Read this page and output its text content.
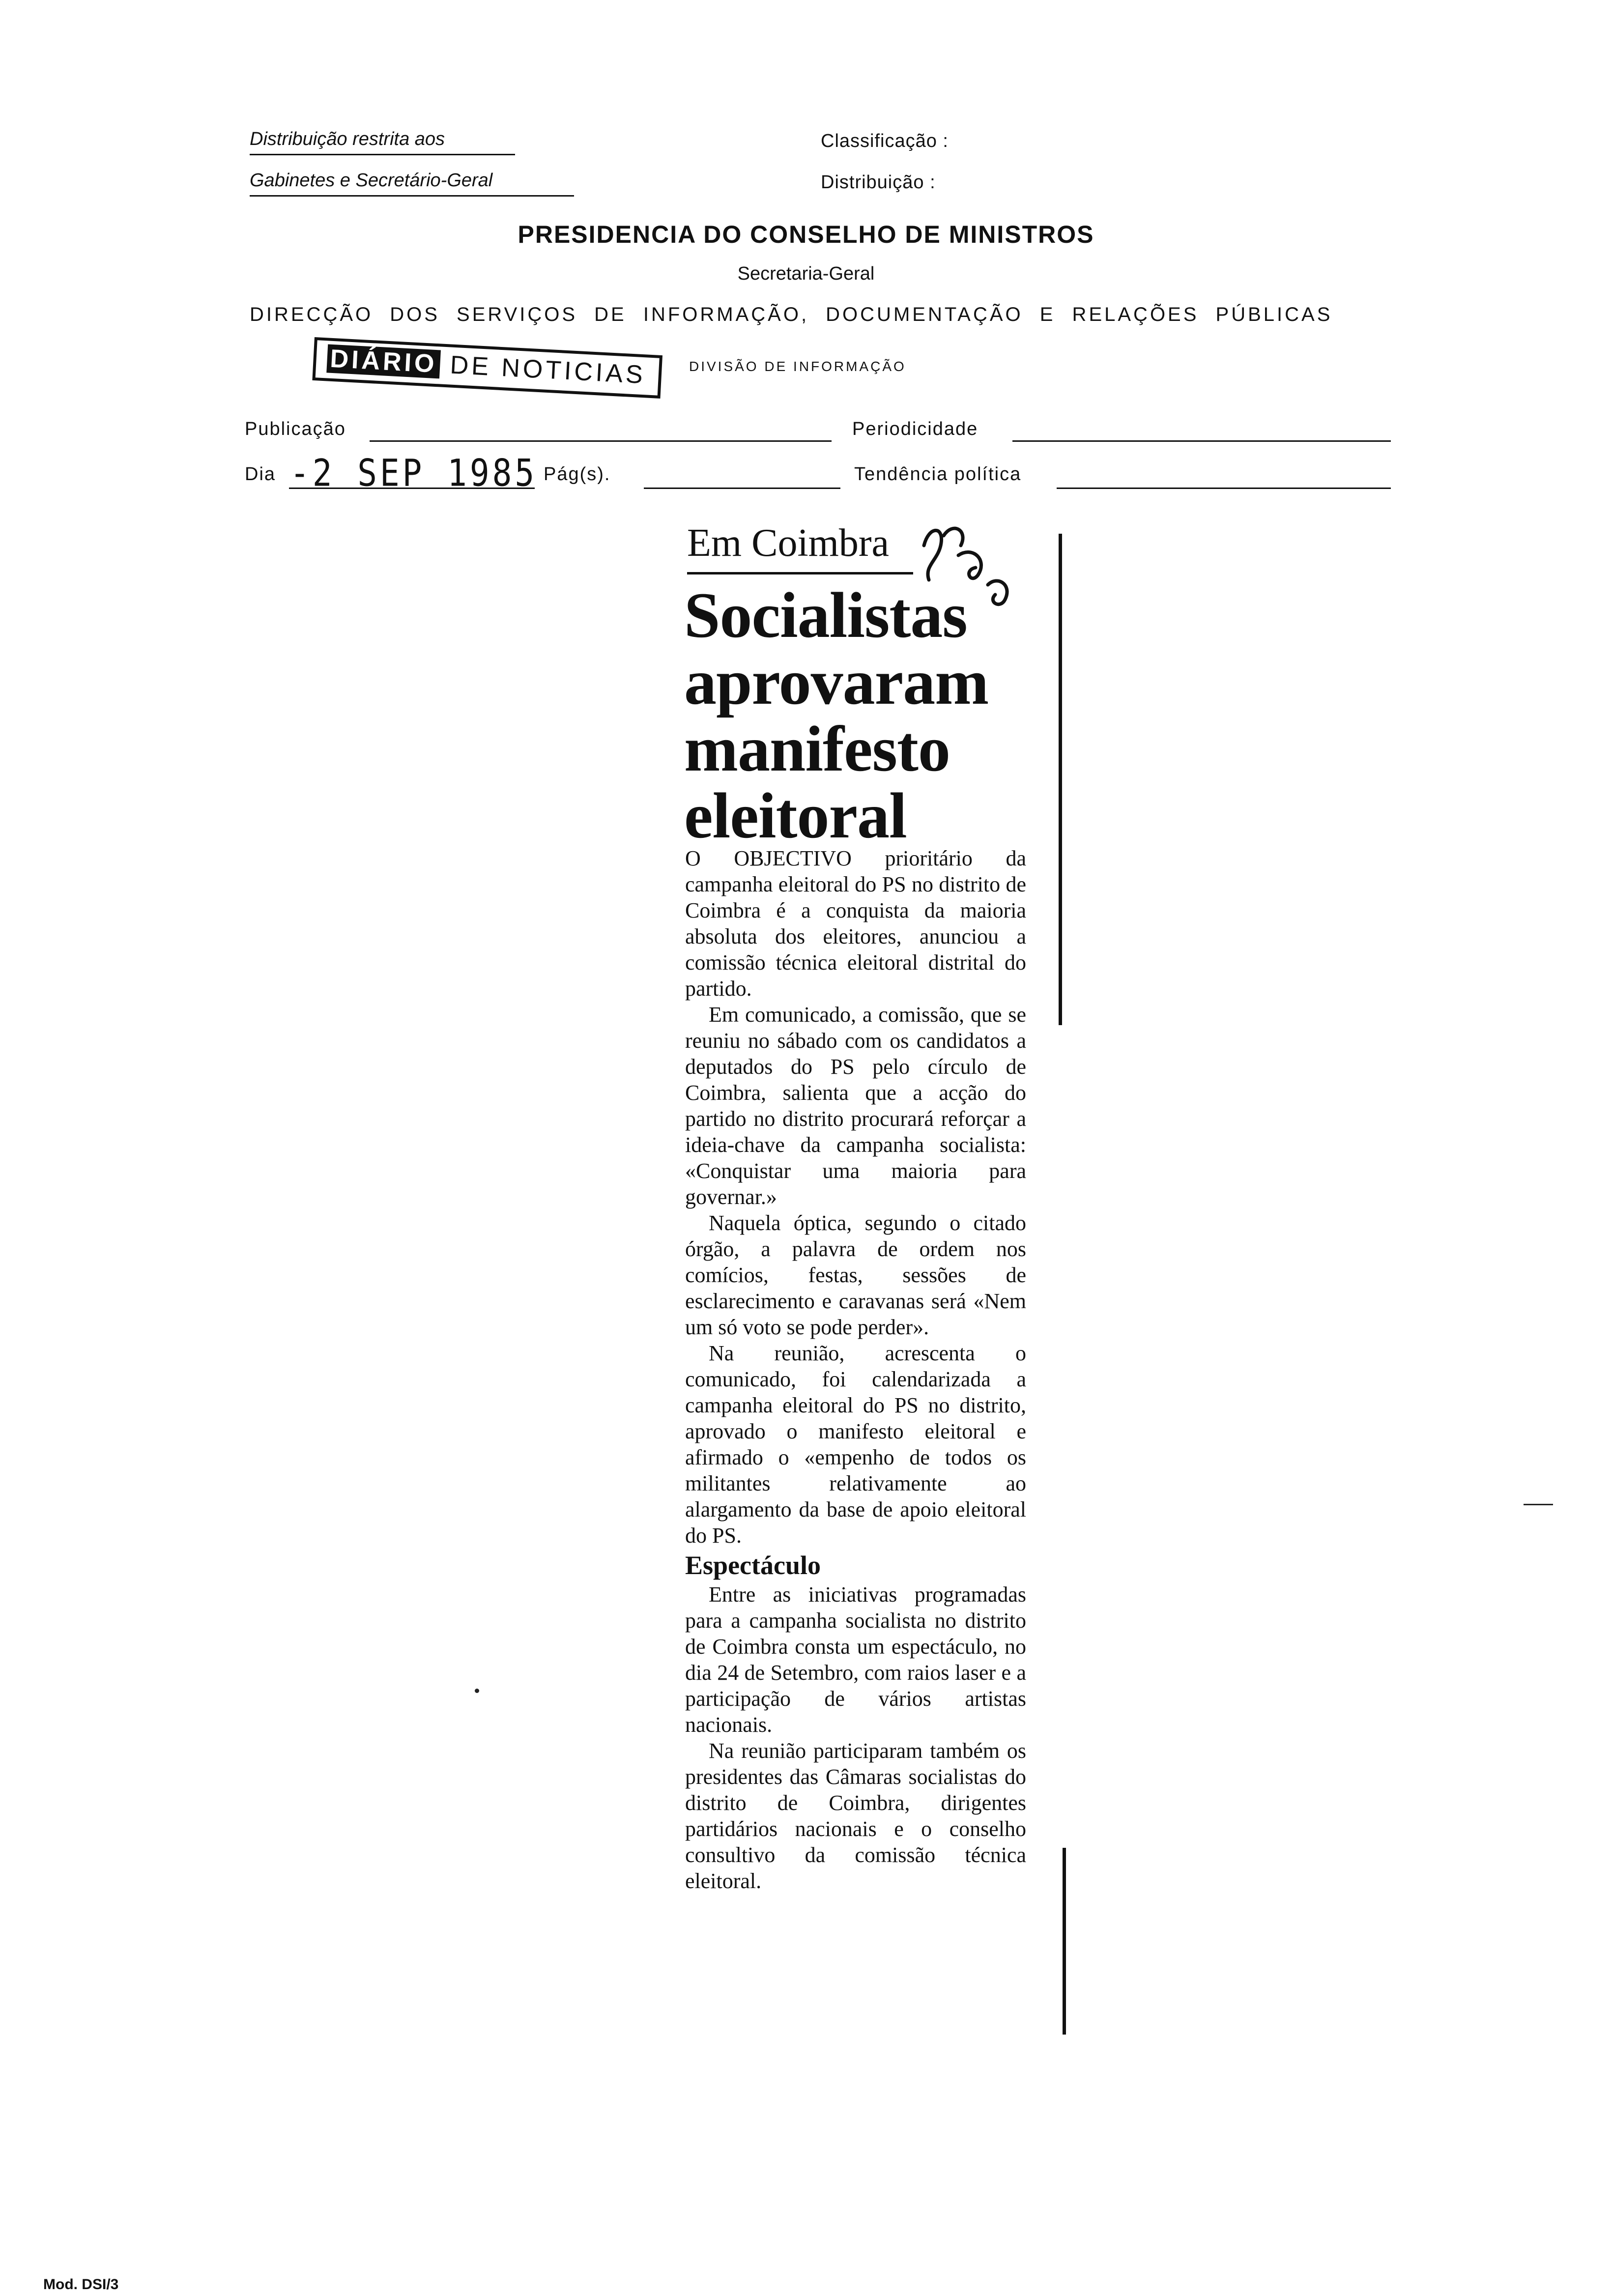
Distribuição restrita aos
Gabinetes e Secretário-Geral
Classificação :
Distribuição :
PRESIDENCIA DO CONSELHO DE MINISTROS
Secretaria-Geral
DIRECÇÃO DOS SERVIÇOS DE INFORMAÇÃO, DOCUMENTAÇÃO E RELAÇÕES PÚBLICAS
DIÁRIO DE NOTICIAS	DIVISÃO DE INFORMAÇÃO
Publicação	Periodicidade
Dia -2 SEP 1985 Pág(s).	Tendência política
Em Coimbra
Socialistas
aprovaram
manifesto
eleitoral

O OBJECTIVO prioritário da campanha eleitoral do PS no distrito de Coimbra é a conquista da maioria absoluta dos eleitores, anunciou a comissão técnica eleitoral distrital do partido.

Em comunicado, a comissão, que se reuniu no sábado com os candidatos a deputados do PS pelo círculo de Coimbra, salienta que a acção do partido no distrito procurará reforçar a ideia-chave da campanha socialista: «Conquistar uma maioria para governar.»

Naquela óptica, segundo o citado órgão, a palavra de ordem nos comícios, festas, sessões de esclarecimento e caravanas será «Nem um só voto se pode perder».

Na reunião, acrescenta o comunicado, foi calendarizada a campanha eleitoral do PS no distrito, aprovado o manifesto eleitoral e afirmado o «empenho de todos os militantes relativamente ao alargamento da base de apoio eleitoral do PS.

Espectáculo

Entre as iniciativas programadas para a campanha socialista no distrito de Coimbra consta um espectáculo, no dia 24 de Setembro, com raios laser e a participação de vários artistas nacionais.

Na reunião participaram também os presidentes das Câmaras socialistas do distrito de Coimbra, dirigentes partidários nacionais e o conselho consultivo da comissão técnica eleitoral.

Mod. DSI/3
